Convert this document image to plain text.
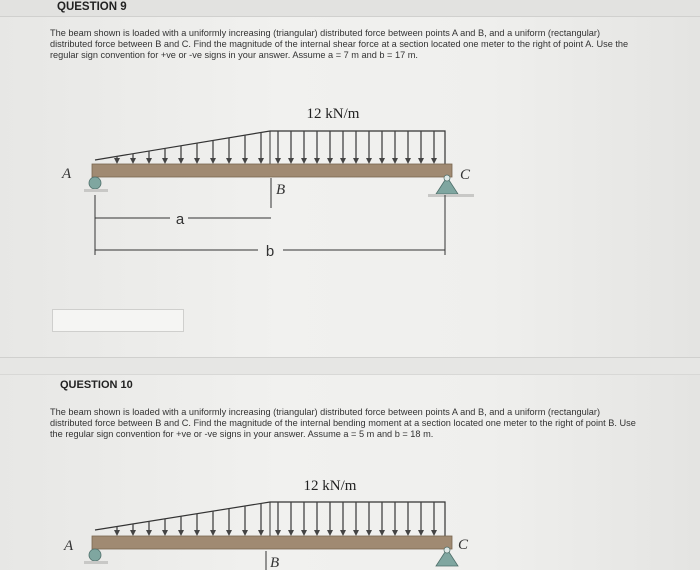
QUESTION 9
The beam shown is loaded with a uniformly increasing (triangular) distributed force between points A and B, and a uniform (rectangular)
distributed force between B and C. Find the magnitude of the internal shear force at a section located one meter to the right of point A. Use the
regular sign convention for +ve or -ve signs in your answer. Assume a = 7 m and b = 17 m.
12 kN/m
A
B
C
a
b
QUESTION 10
The beam shown is loaded with a uniformly increasing (triangular) distributed force between points A and B, and a uniform (rectangular)
distributed force between B and C. Find the magnitude of the internal bending moment at a section located one meter to the right of point B. Use
the regular sign convention for +ve or -ve signs in your answer. Assume a = 5 m and b = 18 m.
12 kN/m
A
B
C
